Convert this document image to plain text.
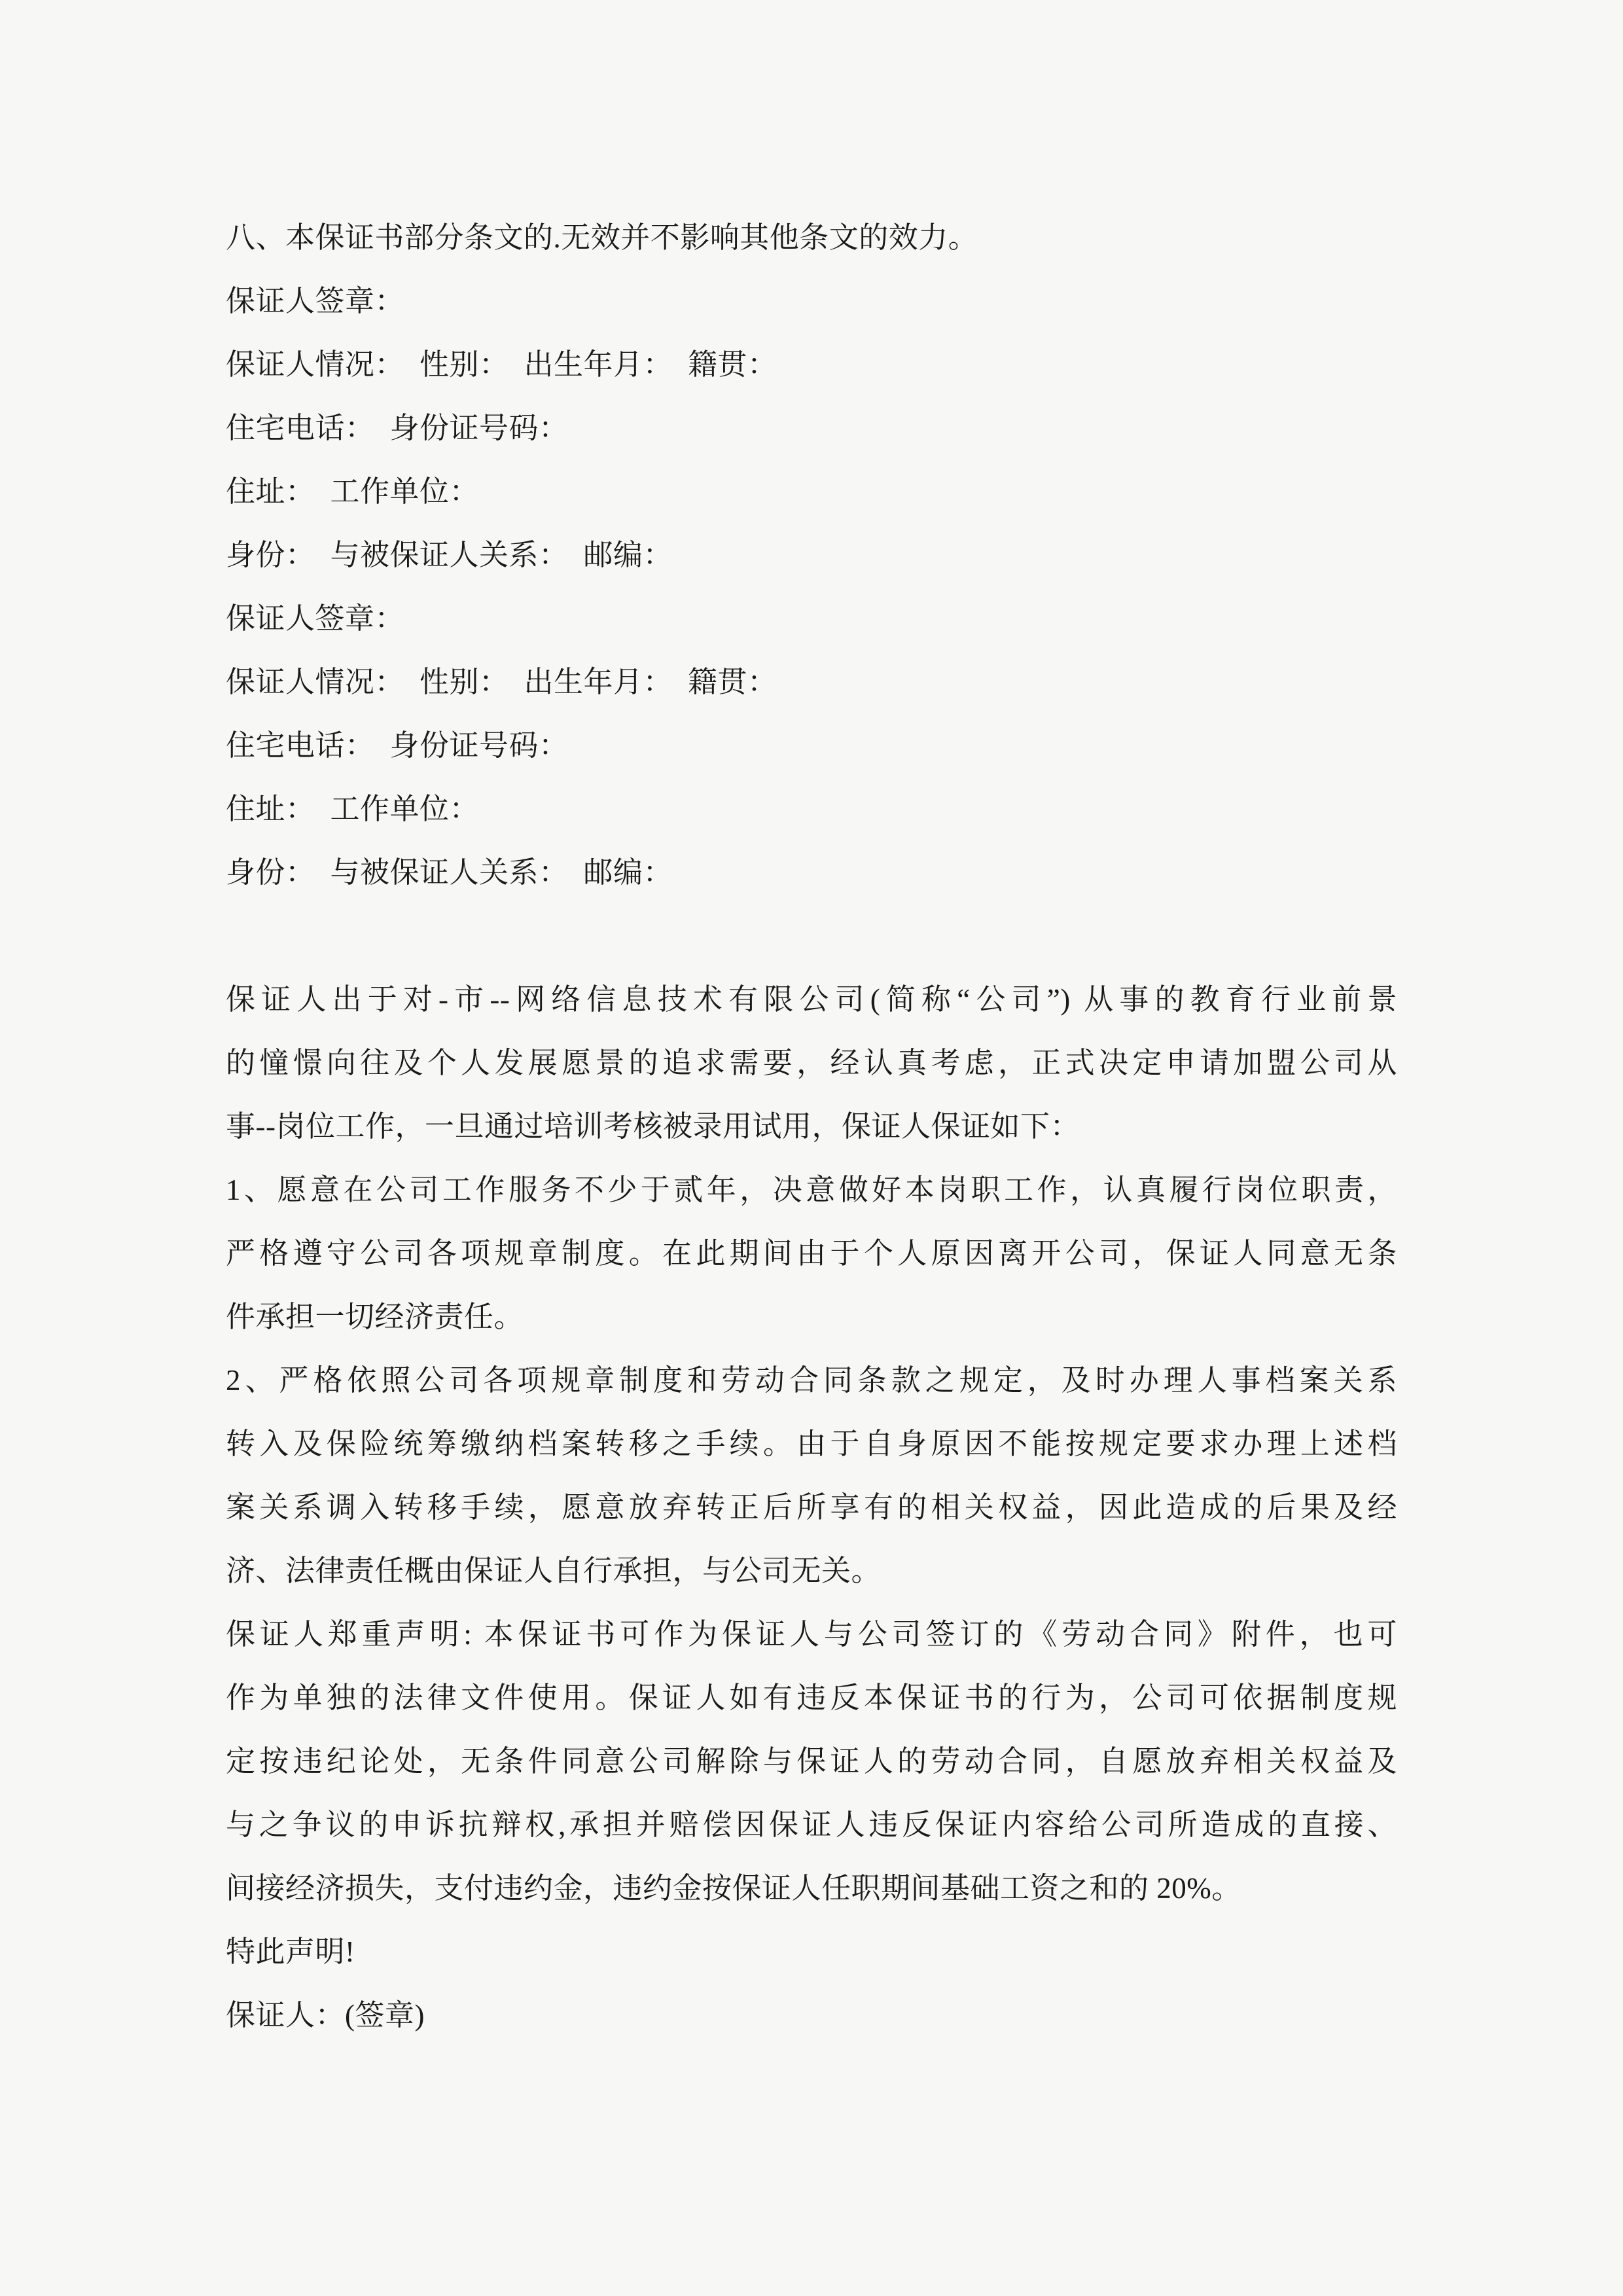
八、本保证书部分条文的.无效并不影响其他条文的效力。
保证人签章：
保证人情况：　性别：　出生年月：　籍贯：
住宅电话：　身份证号码：
住址：　工作单位：
身份：　与被保证人关系：　邮编：
保证人签章：
保证人情况：　性别：　出生年月：　籍贯：
住宅电话：　身份证号码：
住址：　工作单位：
身份：　与被保证人关系：　邮编：
保证人出于对-市--网络信息技术有限公司(简称“公司”) 从事的教育行业前景
的憧憬向往及个人发展愿景的追求需要，经认真考虑，正式决定申请加盟公司从
事--岗位工作，一旦通过培训考核被录用试用，保证人保证如下：
1、愿意在公司工作服务不少于贰年，决意做好本岗职工作，认真履行岗位职责，
严格遵守公司各项规章制度。在此期间由于个人原因离开公司，保证人同意无条
件承担一切经济责任。
2、严格依照公司各项规章制度和劳动合同条款之规定，及时办理人事档案关系
转入及保险统筹缴纳档案转移之手续。由于自身原因不能按规定要求办理上述档
案关系调入转移手续，愿意放弃转正后所享有的相关权益，因此造成的后果及经
济、法律责任概由保证人自行承担，与公司无关。
保证人郑重声明: 本保证书可作为保证人与公司签订的《劳动合同》附件，也可
作为单独的法律文件使用。保证人如有违反本保证书的行为，公司可依据制度规
定按违纪论处，无条件同意公司解除与保证人的劳动合同，自愿放弃相关权益及
与之争议的申诉抗辩权,承担并赔偿因保证人违反保证内容给公司所造成的直接、
间接经济损失，支付违约金，违约金按保证人任职期间基础工资之和的 20%。
特此声明!
保证人：(签章)
